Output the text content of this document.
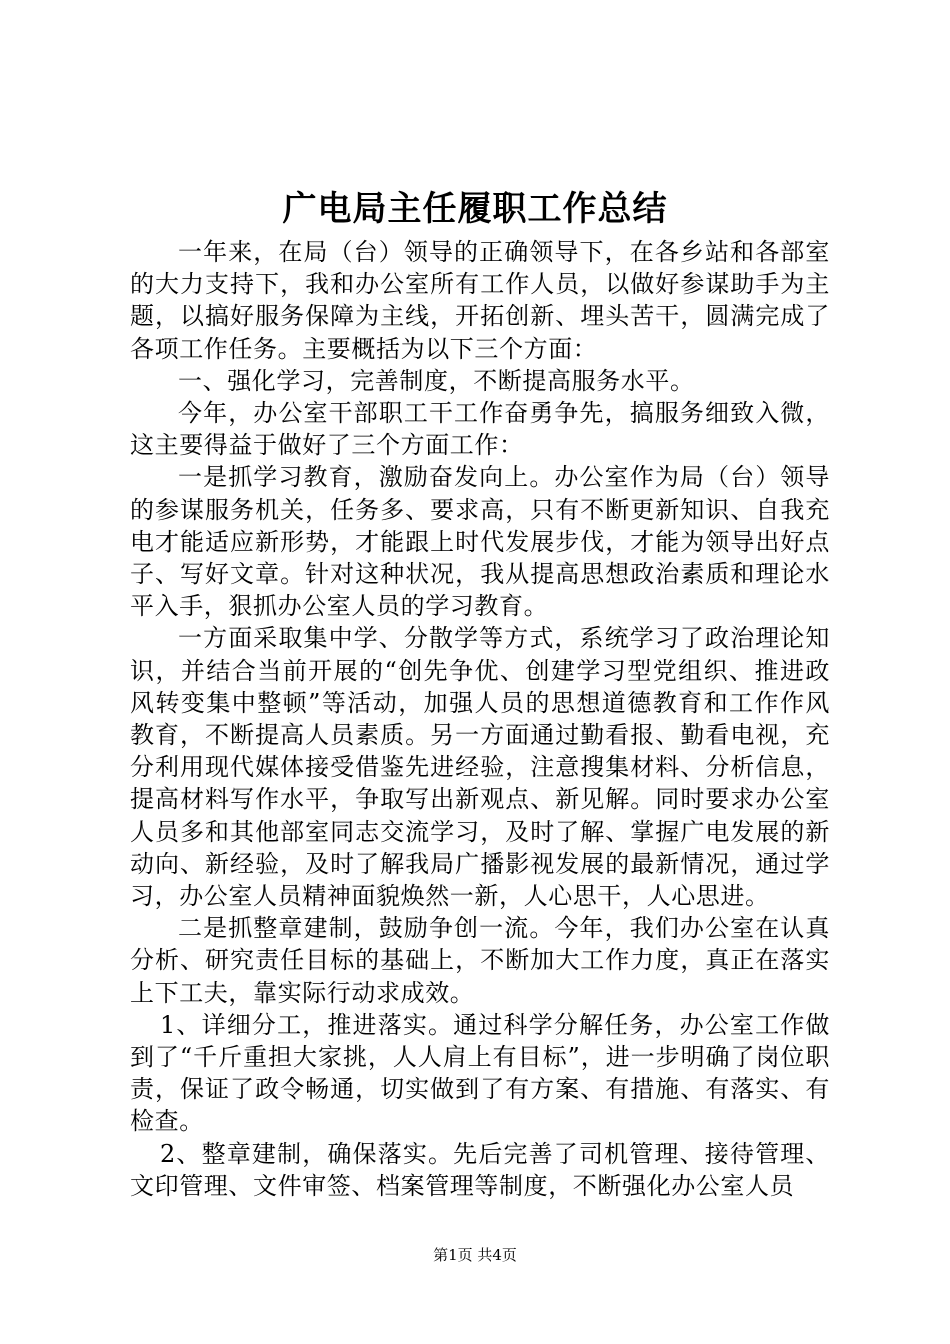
广电局主任履职工作总结

一年来，在局（台）领导的正确领导下，在各乡站和各部室的大力支持下，我和办公室所有工作人员，以做好参谋助手为主题，以搞好服务保障为主线，开拓创新、埋头苦干，圆满完成了各项工作任务。主要概括为以下三个方面：

一、强化学习，完善制度，不断提高服务水平。

今年，办公室干部职工干工作奋勇争先，搞服务细致入微，这主要得益于做好了三个方面工作：

一是抓学习教育，激励奋发向上。办公室作为局（台）领导的参谋服务机关，任务多、要求高，只有不断更新知识、自我充电才能适应新形势，才能跟上时代发展步伐，才能为领导出好点子、写好文章。针对这种状况，我从提高思想政治素质和理论水平入手，狠抓办公室人员的学习教育。

一方面采取集中学、分散学等方式，系统学习了政治理论知识，并结合当前开展的“创先争优、创建学习型党组织、推进政风转变集中整顿”等活动，加强人员的思想道德教育和工作作风教育，不断提高人员素质。另一方面通过勤看报、勤看电视，充分利用现代媒体接受借鉴先进经验，注意搜集材料、分析信息，提高材料写作水平，争取写出新观点、新见解。同时要求办公室人员多和其他部室同志交流学习，及时了解、掌握广电发展的新动向、新经验，及时了解我局广播影视发展的最新情况，通过学习，办公室人员精神面貌焕然一新，人心思干，人心思进。

二是抓整章建制，鼓励争创一流。今年，我们办公室在认真分析、研究责任目标的基础上，不断加大工作力度，真正在落实上下工夫，靠实际行动求成效。

1、详细分工，推进落实。通过科学分解任务，办公室工作做到了“千斤重担大家挑，人人肩上有目标”，进一步明确了岗位职责，保证了政令畅通，切实做到了有方案、有措施、有落实、有检查。

2、整章建制，确保落实。先后完善了司机管理、接待管理、文印管理、文件审签、档案管理等制度，不断强化办公室人员

第1页 共4页
